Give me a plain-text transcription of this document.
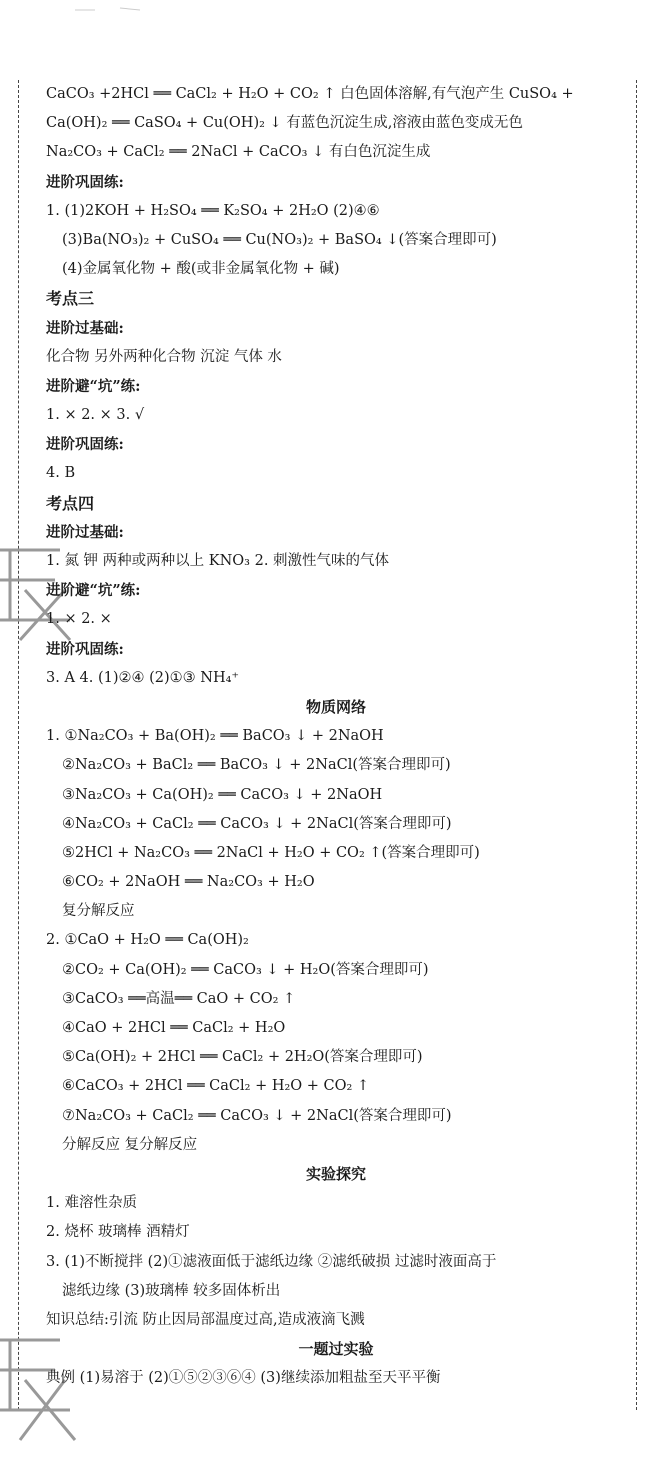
CaCO₃ +2HCl ══ CaCl₂ + H₂O + CO₂ ↑ 白色固体溶解,有气泡产生 CuSO₄ +
Ca(OH)₂ ══ CaSO₄ + Cu(OH)₂ ↓ 有蓝色沉淀生成,溶液由蓝色变成无色
Na₂CO₃ + CaCl₂ ══ 2NaCl + CaCO₃ ↓ 有白色沉淀生成
进阶巩固练:
1. (1)2KOH + H₂SO₄ ══ K₂SO₄ + 2H₂O (2)④⑥
(3)Ba(NO₃)₂ + CuSO₄ ══ Cu(NO₃)₂ + BaSO₄ ↓(答案合理即可)
(4)金属氧化物 + 酸(或非金属氧化物 + 碱)
考点三
进阶过基础:
化合物 另外两种化合物 沉淀 气体 水
进阶避“坑”练:
1. × 2. × 3. √
进阶巩固练:
4. B
考点四
进阶过基础:
1. 氮 钾 两种或两种以上 KNO₃ 2. 刺激性气味的气体
进阶避“坑”练:
1. × 2. ×
进阶巩固练:
3. A 4. (1)②④ (2)①③ NH₄⁺
物质网络
1. ①Na₂CO₃ + Ba(OH)₂ ══ BaCO₃ ↓ + 2NaOH
②Na₂CO₃ + BaCl₂ ══ BaCO₃ ↓ + 2NaCl(答案合理即可)
③Na₂CO₃ + Ca(OH)₂ ══ CaCO₃ ↓ + 2NaOH
④Na₂CO₃ + CaCl₂ ══ CaCO₃ ↓ + 2NaCl(答案合理即可)
⑤2HCl + Na₂CO₃ ══ 2NaCl + H₂O + CO₂ ↑(答案合理即可)
⑥CO₂ + 2NaOH ══ Na₂CO₃ + H₂O
复分解反应
2. ①CaO + H₂O ══ Ca(OH)₂
②CO₂ + Ca(OH)₂ ══ CaCO₃ ↓ + H₂O(答案合理即可)
③CaCO₃ ══高温══ CaO + CO₂ ↑
④CaO + 2HCl ══ CaCl₂ + H₂O
⑤Ca(OH)₂ + 2HCl ══ CaCl₂ + 2H₂O(答案合理即可)
⑥CaCO₃ + 2HCl ══ CaCl₂ + H₂O + CO₂ ↑
⑦Na₂CO₃ + CaCl₂ ══ CaCO₃ ↓ + 2NaCl(答案合理即可)
分解反应 复分解反应
实验探究
1. 难溶性杂质
2. 烧杯 玻璃棒 酒精灯
3. (1)不断搅拌 (2)①滤液面低于滤纸边缘 ②滤纸破损 过滤时液面高于
滤纸边缘 (3)玻璃棒 较多固体析出
知识总结:引流 防止因局部温度过高,造成液滴飞溅
一题过实验
典例 (1)易溶于 (2)①⑤②③⑥④ (3)继续添加粗盐至天平平衡
